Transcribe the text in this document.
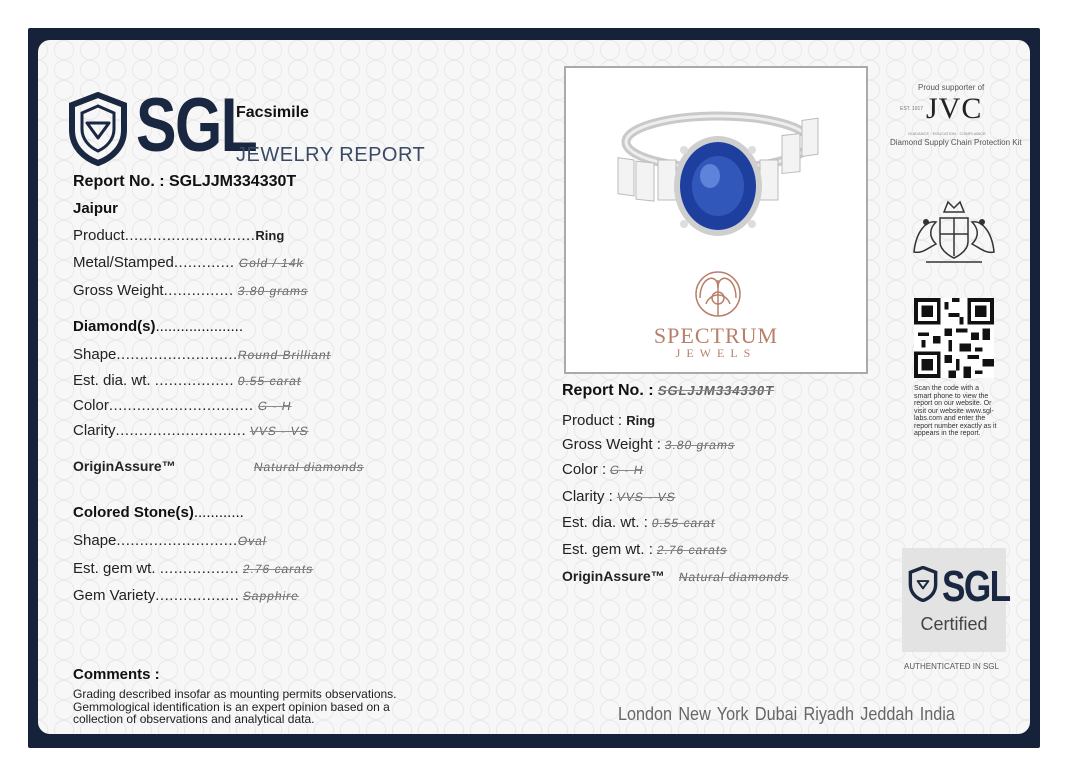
SGL
Facsimile
JEWELRY REPORT
Report No. : SGLJJM334330T
Jaipur
Product............................Ring
Metal/Stamped............. Gold / 14k
Gross Weight............... 3.80 grams
Diamond(s).....................
Shape..........................Round Brilliant
Est. dia. wt. ................. 0.55 carat
Color............................... G - H
Clarity............................ VVS - VS
OriginAssure™	Natural diamonds
Colored Stone(s)............
Shape..........................Oval
Est. gem wt. ................. 2.76 carats
Gem Variety.................. Sapphire
Comments :
Grading described insofar as mounting permits observations. Gemmological identification is an expert opinion based on a collection of observations and analytical data.
SPECTRUM
JEWELS
Report No. : SGLJJM334330T
Product : Ring
Gross Weight : 3.80 grams
Color : G - H
Clarity : VVS - VS
Est. dia. wt. : 0.55 carat
Est. gem wt. : 2.76 carats
OriginAssure™ Natural diamonds
London New York Dubai Riyadh Jeddah India
Proud supporter of
JVC
EST. 1917
GUIDANCE · EDUCATION · COMPLIANCE
Diamond Supply Chain Protection Kit
Scan the code with a smart phone to view the report on our website. Or visit our website www.sgl-labs.com and enter the report number exactly as it appears in the report.
SGL
Certified
AUTHENTICATED IN SGL
